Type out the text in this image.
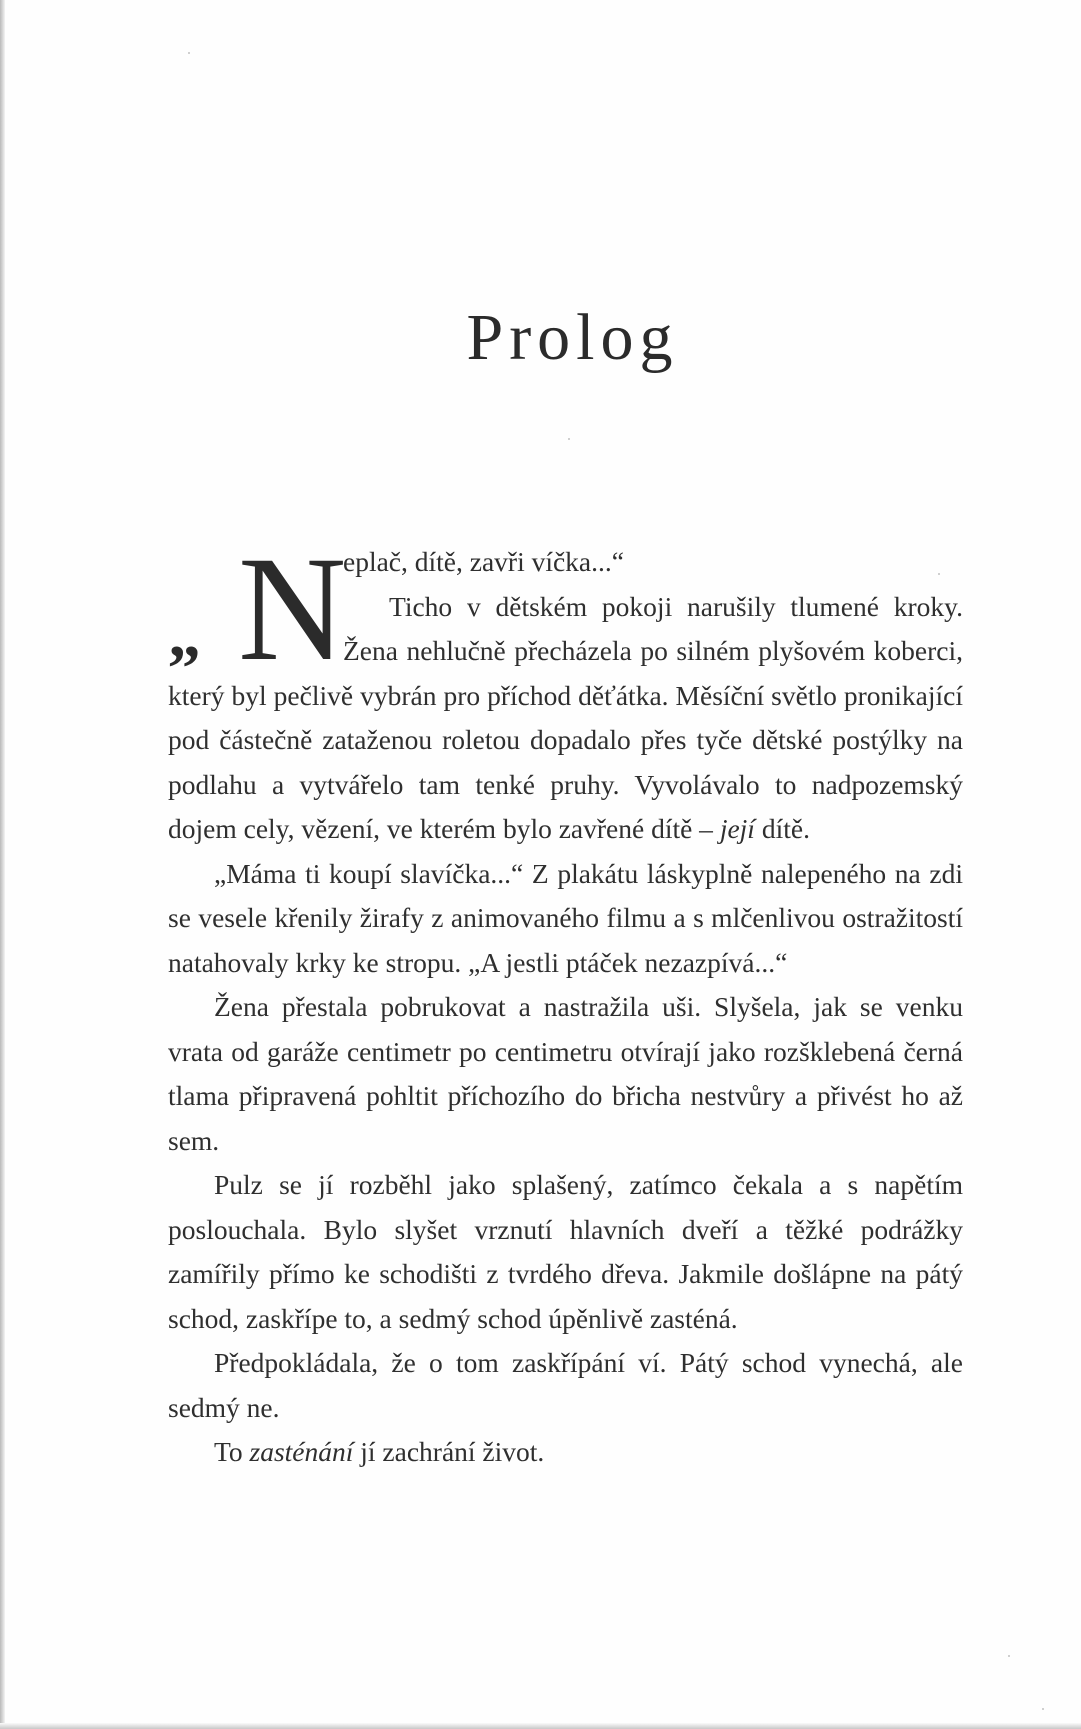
Prolog
„ N

eplač, dítě, zavři víčka...“

Ticho v dětském pokoji narušily tlumené kroky. Žena nehlučně přecházela po silném plyšovém koberci, který byl pečlivě vybrán pro příchod děťátka. Měsíční světlo pronikající pod částečně zataženou roletou dopadalo přes tyče dětské postýlky na podlahu a vytvářelo tam tenké pruhy. Vyvolávalo to nadpozemský dojem cely, vězení, ve kterém bylo zavřené dítě – její dítě.

„Máma ti koupí slavíčka...“ Z plakátu láskyplně nalepeného na zdi se vesele křenily žirafy z animovaného filmu a s mlčenlivou ostražitostí natahovaly krky ke stropu. „A jestli ptáček nezazpívá...“

Žena přestala pobrukovat a nastražila uši. Slyšela, jak se venku vrata od garáže centimetr po centimetru otvírají jako rozšklebená černá tlama připravená pohltit příchozího do břicha nestvůry a přivést ho až sem.

Pulz se jí rozběhl jako splašený, zatímco čekala a s napětím poslouchala. Bylo slyšet vrznutí hlavních dveří a těžké podrážky zamířily přímo ke schodišti z tvrdého dřeva. Jakmile došlápne na pátý schod, zaskřípe to, a sedmý schod úpěnlivě zasténá.

Předpokládala, že o tom zaskřípání ví. Pátý schod vynechá, ale sedmý ne.

To zasténání jí zachrání život.
